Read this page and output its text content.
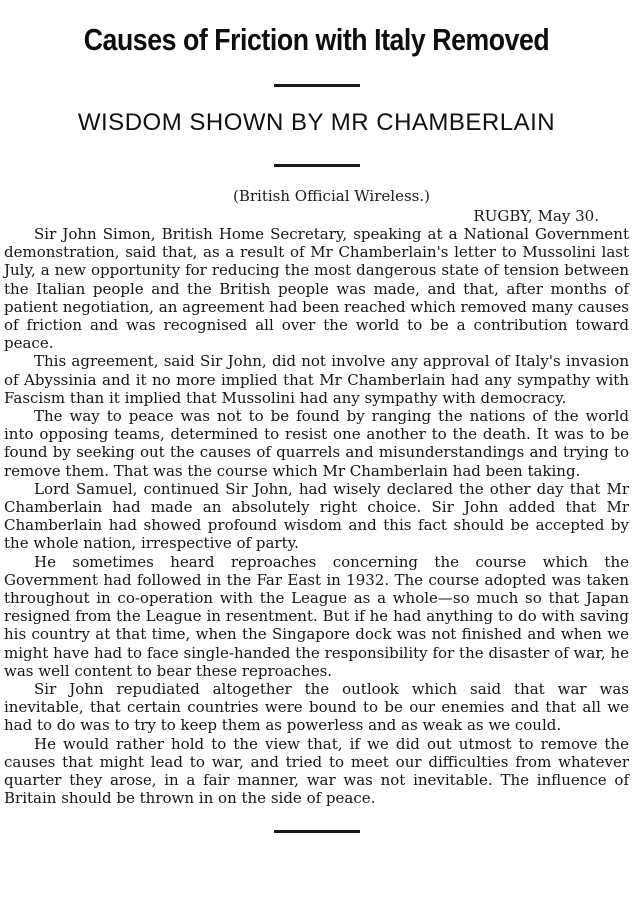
Causes of Friction with Italy Removed
WISDOM SHOWN BY MR CHAMBERLAIN
(British Official Wireless.)
RUGBY, May 30.

Sir John Simon, British Home Secretary, speaking at a National Government demonstration, said that, as a result of Mr Chamberlain's letter to Mussolini last July, a new opportunity for reducing the most dangerous state of tension between the Italian people and the British people was made, and that, after months of patient negotiation, an agreement had been reached which removed many causes of friction and was recognised all over the world to be a contribution toward peace.

This agreement, said Sir John, did not involve any approval of Italy's invasion of Abyssinia and it no more implied that Mr Chamberlain had any sympathy with Fascism than it implied that Mussolini had any sympathy with democracy.

The way to peace was not to be found by ranging the nations of the world into opposing teams, determined to resist one another to the death. It was to be found by seeking out the causes of quarrels and misunderstandings and trying to remove them. That was the course which Mr Chamberlain had been taking.

Lord Samuel, continued Sir John, had wisely declared the other day that Mr Chamberlain had made an absolutely right choice. Sir John added that Mr Chamberlain had showed profound wisdom and this fact should be accepted by the whole nation, irrespective of party.

He sometimes heard reproaches concerning the course which the Government had followed in the Far East in 1932. The course adopted was taken throughout in co-operation with the League as a whole—so much so that Japan resigned from the League in resentment. But if he had anything to do with saving his country at that time, when the Singapore dock was not finished and when we might have had to face single-handed the responsibility for the disaster of war, he was well content to bear these reproaches.

Sir John repudiated altogether the outlook which said that war was inevitable, that certain countries were bound to be our enemies and that all we had to do was to try to keep them as powerless and as weak as we could.

He would rather hold to the view that, if we did out utmost to remove the causes that might lead to war, and tried to meet our difficulties from whatever quarter they arose, in a fair manner, war was not inevitable. The influence of Britain should be thrown in on the side of peace.
